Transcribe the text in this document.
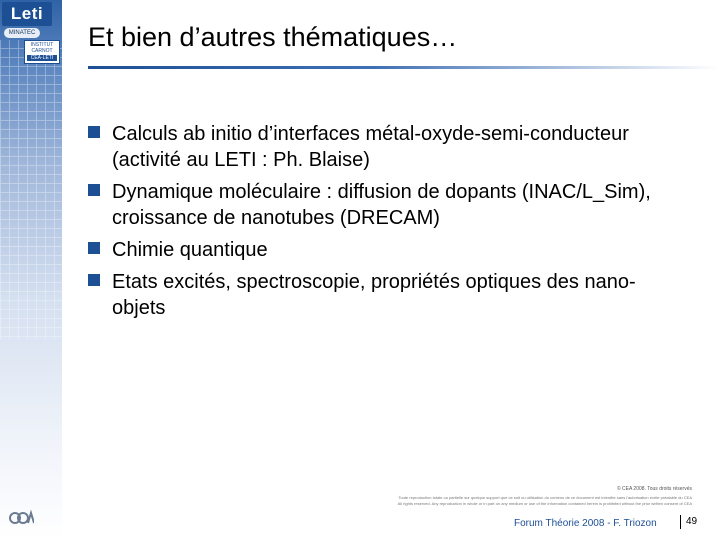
Leti
MINATEC
INSTITUT
CARNOT
CEA-LETI
Et bien d’autres thématiques…
Calculs ab initio d’interfaces métal-oxyde-semi-conducteur (activité au LETI : Ph. Blaise)
Dynamique moléculaire : diffusion de dopants (INAC/L_Sim), croissance de nanotubes (DRECAM)
Chimie quantique
Etats excités, spectroscopie, propriétés optiques des nano-objets
© CEA 2008. Tous droits réservés
Toute reproduction totale ou partielle sur quelque support que ce soit ou utilisation du contenu de ce document est interdite sans l'autorisation écrite préalable du CEA
All rights reserved. Any reproduction in whole or in part on any medium or use of the information contained herein is prohibited without the prior written consent of CEA
Forum Théorie 2008 - F. Triozon	49
